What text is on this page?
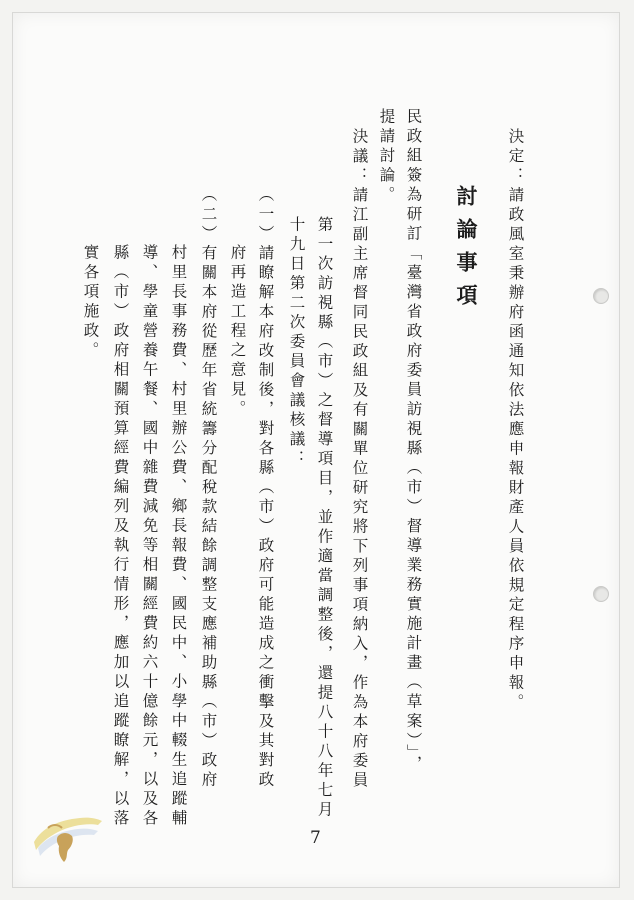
決定：請政風室秉辦府函通知依法應申報財產人員依規定程序申報。
討論事項
民政組簽為研訂「臺灣省政府委員訪視縣（市）督導業務實施計畫（草案）」，
提請討論。
決議：請江副主席督同民政組及有關單位研究將下列事項納入，作為本府委員
第一次訪視縣（市）之督導項目，並作適當調整後，還提八十八年七月
十九日第二次委員會議核議：
（一）請瞭解本府改制後，對各縣（市）政府可能造成之衝擊及其對政
府再造工程之意見。
（二）有關本府從歷年省統籌分配稅款結餘調整支應補助縣（市）政府
村里長事務費、村里辦公費、鄉長報費、國民中、小學中輟生追蹤輔
導、學童營養午餐、國中雜費減免等相關經費約六十億餘元，以及各
縣（市）政府相關預算經費編列及執行情形，應加以追蹤瞭解，以落
實各項施政。
7
